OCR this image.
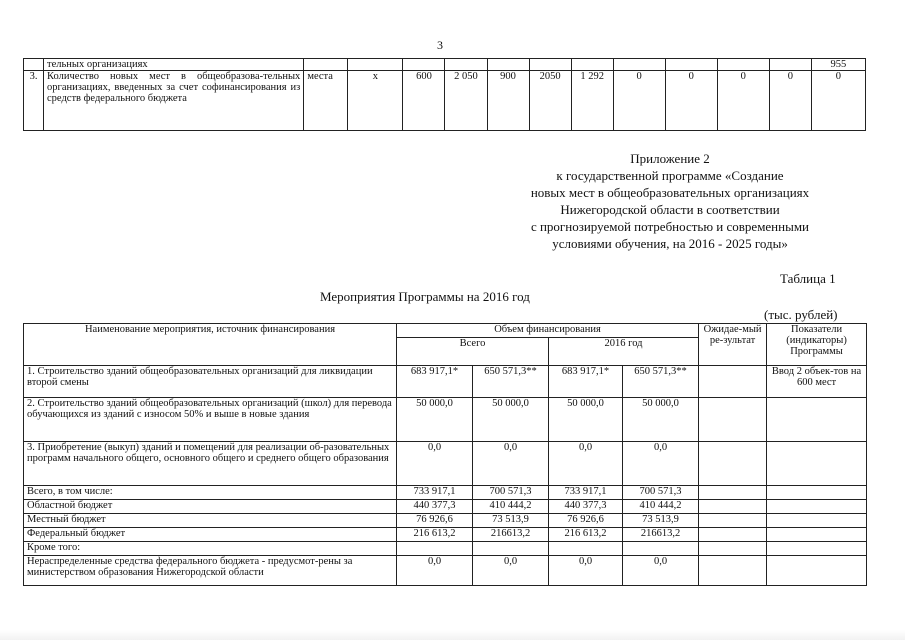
3
	тельных организациях												955
3.	Количество новых мест в общеобразова-тельных организациях, введенных за счет софинансирования из средств федерального бюджета	места	х	600	2 050	900	2050	1 292	0	0	0	0	0
Приложение 2
к государственной программе «Создание
новых мест в общеобразовательных организациях
Нижегородской области в соответствии
с прогнозируемой потребностью и современными
условиями обучения, на 2016 - 2025 годы»
Таблица 1
Мероприятия Программы на 2016 год
(тыс. рублей)
Наименование мероприятия, источник финансирования	Объем финансирования				Ожидае-мый ре-зультат	Показатели (индикаторы) Программы
	Всего		2016 год			
1. Строительство зданий общеобразовательных организаций для ликвидации второй смены	683 917,1*	650 571,3**	683 917,1*	650 571,3**		Ввод 2 объек-тов на 600 мест
2. Строительство зданий общеобразовательных организаций (школ) для перевода обучающихся из зданий с износом 50% и выше в новые здания	50 000,0	50 000,0	50 000,0	50 000,0		
3. Приобретение (выкуп) зданий и помещений для реализации об-разовательных программ начального общего, основного общего и среднего общего образования	0,0	0,0	0,0	0,0		
Всего, в том числе:	733 917,1	700 571,3	733 917,1	700 571,3		
Областной бюджет	440 377,3	410 444,2	440 377,3	410 444,2		
Местный бюджет	76 926,6	73 513,9	76 926,6	73 513,9		
Федеральный бюджет	216 613,2	216613,2	216 613,2	216613,2		
Кроме того:						
Нераспределенные средства федерального бюджета - предусмот-рены за министерством образования Нижегородской области	0,0	0,0	0,0	0,0		
